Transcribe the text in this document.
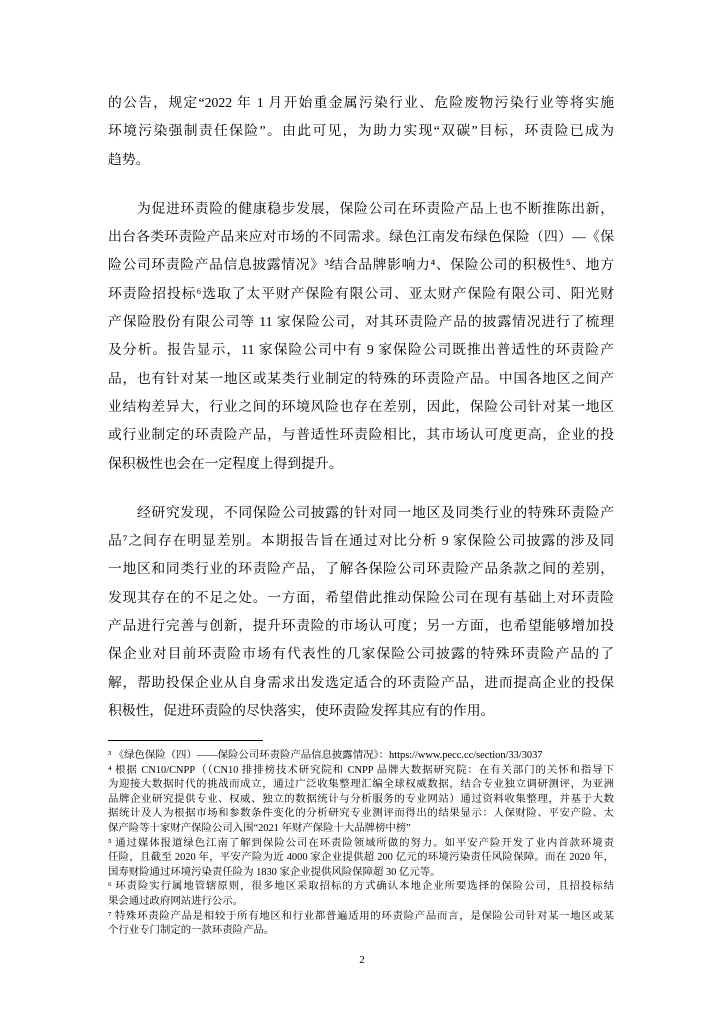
的公告，规定“2022 年 1 月开始重金属污染行业、危险废物污染行业等将实施
环境污染强制责任保险”。由此可见，为助力实现“双碳”目标，环责险已成为
趋势。
为促进环责险的健康稳步发展，保险公司在环责险产品上也不断推陈出新，
出台各类环责险产品来应对市场的不同需求。绿色江南发布绿色保险（四）—《保
险公司环责险产品信息披露情况》³结合品牌影响力⁴、保险公司的积极性⁵、地方
环责险招投标⁶选取了太平财产保险有限公司、亚太财产保险有限公司、阳光财
产保险股份有限公司等 11 家保险公司，对其环责险产品的披露情况进行了梳理
及分析。报告显示，11 家保险公司中有 9 家保险公司既推出普适性的环责险产
品，也有针对某一地区或某类行业制定的特殊的环责险产品。中国各地区之间产
业结构差异大，行业之间的环境风险也存在差别，因此，保险公司针对某一地区
或行业制定的环责险产品，与普适性环责险相比，其市场认可度更高，企业的投
保积极性也会在一定程度上得到提升。
经研究发现，不同保险公司披露的针对同一地区及同类行业的特殊环责险产
品⁷之间存在明显差别。本期报告旨在通过对比分析 9 家保险公司披露的涉及同
一地区和同类行业的环责险产品，了解各保险公司环责险产品条款之间的差别，
发现其存在的不足之处。一方面，希望借此推动保险公司在现有基础上对环责险
产品进行完善与创新，提升环责险的市场认可度；另一方面，也希望能够增加投
保企业对目前环责险市场有代表性的几家保险公司披露的特殊环责险产品的了
解，帮助投保企业从自身需求出发选定适合的环责险产品，进而提高企业的投保
积极性，促进环责险的尽快落实，使环责险发挥其应有的作用。
³ 《绿色保险（四）——保险公司环责险产品信息披露情况》：https://www.pecc.cc/section/33/3037
⁴ 根据 CN10/CNPP（（CN10 排排榜技术研究院和 CNPP 品牌大数据研究院：在有关部门的关怀和指导下
为迎接大数据时代的挑战而成立，通过广泛收集整理汇编全球权威数据，结合专业独立调研测评，为亚洲
品牌企业研究提供专业、权威、独立的数据统计与分析服务的专业网站）通过资料收集整理，并基于大数
据统计及人为根据市场和参数条件变化的分析研究专业测评而得出的结果显示：人保财险、平安产险、太
保产险等十家财产保险公司入围“2021 年财产保险十大品牌榜中榜”
⁵ 通过媒体报道绿色江南了解到保险公司在环责险领域所做的努力。如平安产险开发了业内首款环境责
任险，且截至 2020 年，平安产险为近 4000 家企业提供超 200 亿元的环境污染责任风险保障。而在 2020 年，
国寿财险通过环境污染责任险为 1830 家企业提供风险保障超 30 亿元等。
⁶ 环责险实行属地管辖原则，很多地区采取招标的方式确认本地企业所要选择的保险公司，且招投标结
果会通过政府网站进行公示。
⁷ 特殊环责险产品是相较于所有地区和行业都普遍适用的环责险产品而言，是保险公司针对某一地区或某
个行业专门制定的一款环责险产品。
2
